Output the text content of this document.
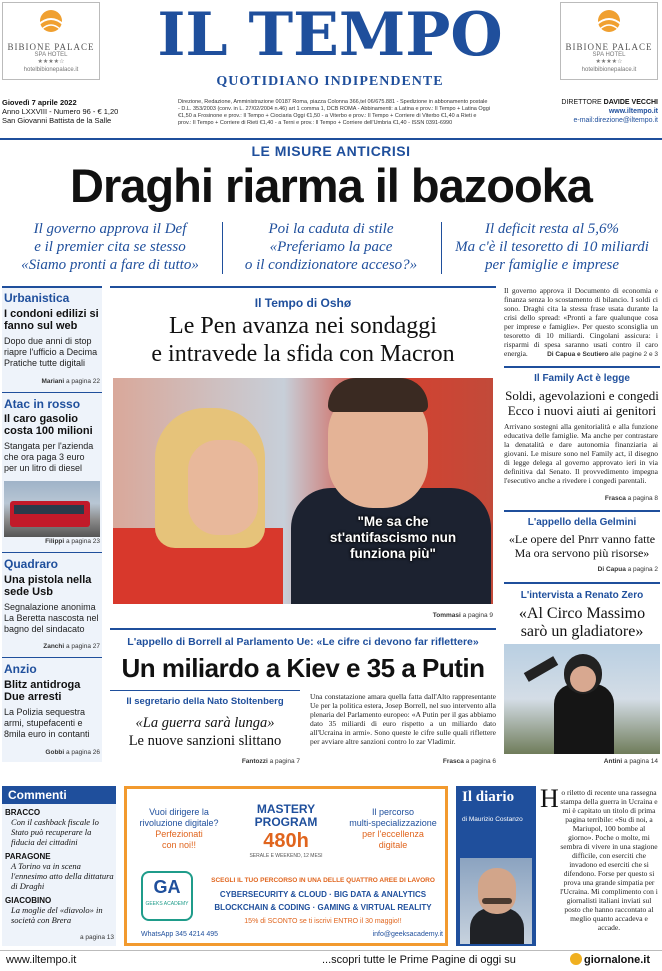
BIBIONE PALACE
SPA HOTEL
★★★★☆
hotelbibionepalace.it
BIBIONE PALACE
SPA HOTEL
★★★★☆
hotelbibionepalace.it
IL TEMPO
QUOTIDIANO INDIPENDENTE
Giovedì 7 aprile 2022
Anno LXXVIII - Numero 96 - € 1,20
San Giovanni Battista de la Salle
Direzione, Redazione, Amministrazione 00187 Roma, piazza Colonna 366,tel 06/675.881 - Spedizione in abbonamento postale - D.L. 353/2003 (conv. in L. 27/02/2004 n.46) art 1 comma 1, DCB ROMA - Abbinamenti: a Latina e prov.: Il Tempo + Latina Oggi €1,50 a Frosinone e prov.: Il Tempo + Ciociaria Oggi €1,50 - a Viterbo e prov.: Il Tempo + Corriere di Viterbo €1,40 a Rieti e prov.: Il Tempo + Corriere di Rieti €1,40 - a Terni e prov.: Il Tempo + Corriere dell'Umbria €1,40 - ISSN 0391-6990
DIRETTORE DAVIDE VECCHI
www.iltempo.it
e-mail:direzione@iltempo.it
LE MISURE ANTICRISI
Draghi riarma il bazooka
Il governo approva il Def
e il premier cita se stesso
«Siamo pronti a fare di tutto»
Poi la caduta di stile
«Preferiamo la pace
o il condizionatore acceso?»
Il deficit resta al 5,6%
Ma c'è il tesoretto di 10 miliardi
per famiglie e imprese
Urbanistica
I condoni edilizi si fanno sul web
Dopo due anni di stop riapre l'ufficio a Decima Pratiche tutte digitali
Mariani a pagina 22
Atac in rosso
Il caro gasolio costa 100 milioni
Stangata per l'azienda che ora paga 3 euro per un litro di diesel
Filippi a pagina 23
Quadraro
Una pistola nella sede Usb
Segnalazione anonima La Beretta nascosta nel bagno del sindacato
Zanchi a pagina 27
Anzio
Blitz antidroga Due arresti
La Polizia sequestra armi, stupefacenti e 8mila euro in contanti
Gobbi a pagina 26
Il Tempo di Oshø
Le Pen avanza nei sondaggi
e intravede la sfida con Macron
"Me sa che
st'antifascismo nun
funziona più"
Tommasi a pagina 9
L'appello di Borrell al Parlamento Ue: «Le cifre ci devono far riflettere»
Un miliardo a Kiev e 35 a Putin
Il segretario della Nato Stoltenberg
«La guerra sarà lunga»
Le nuove sanzioni slittano
Fantozzi a pagina 7
Una constatazione amara quella fatta dall'Alto rappresentante Ue per la politica estera, Josep Borrell, nel suo intervento alla plenaria del Parlamento europeo: «A Putin per il gas abbiamo dato 35 miliardi di euro rispetto a un miliardo dato all'Ucraina in armi». Sono queste le cifre sulle quali riflettere per avviare altre sanzioni contro lo zar Vladimir.
Frasca a pagina 6
Il governo approva il Documento di economia e finanza senza lo scostamento di bilancio. I soldi ci sono. Draghi cita la stessa frase usata durante la crisi dello spread: «Pronti a fare qualunque cosa per imprese e famiglie». Per questo sconsiglia un tesoretto di 10 miliardi. Cingolani assicura: i risparmi di spesa saranno usati contro il caro energia.	Di Capua e Scutiero alle pagine 2 e 3
Il Family Act è legge
Soldi, agevolazioni e congedi
Ecco i nuovi aiuti ai genitori
Arrivano sostegni alla genitorialità e alla funzione educativa delle famiglie. Ma anche per contrastare la denatalità e dare autonomia finanziaria ai giovani. Le misure sono nel Family act, il disegno di legge delega al governo approvato ieri in via definitiva dal Senato. Il provvedimento impegna l'esecutivo anche a rivedere i congedi parentali.
Frasca a pagina 8
L'appello della Gelmini
«Le opere del Pnrr vanno fatte
Ma ora servono più risorse»
Di Capua a pagina 2
L'intervista a Renato Zero
«Al Circo Massimo
sarò un gladiatore»
Antini a pagina 14
Commenti
BRACCO
Con il cashback fiscale lo Stato può recuperare la fiducia dei cittadini
PARAGONE
A Torino va in scena l'ennesimo atto della dittatura di Draghi
GIACOBINO
La moglie del «diavolo» in società con Brera
a pagina 13
Vuoi dirigere la
rivoluzione digitale?
Perfezionati
con noi!!
MASTERY
PROGRAM
480h
SERALE E WEEKEND, 12 MESI
Il percorso
multi-specializzazione
per l'eccellenza
digitale
GA
GEEKS ACADEMY
SCEGLI IL TUO PERCORSO IN UNA DELLE QUATTRO AREE DI LAVORO
CYBERSECURITY & CLOUD · BIG DATA & ANALYTICS
BLOCKCHAIN & CODING · GAMING & VIRTUAL REALITY
15% di SCONTO se ti iscrivi ENTRO il 30 maggio!!
WhatsApp 345 4214 495	info@geeksacademy.it
Il diario
di Maurizio Costanzo
H o riletto di recente una rassegna stampa della guerra in Ucraina e mi è capitato un titolo di prima pagina terribile: «Su di noi, a Mariupol, 100 bombe al giorno». Poche o molte, mi sembra di vivere in una stagione difficile, con eserciti che invadono ed eserciti che si difendono. Forse per questo si prova una grande simpatia per l'Ucraina. Mi complimento con i giornalisti italiani inviati sul posto che hanno raccontato al meglio quanto accadeva e accade.
www.iltempo.it	...scopri tutte le Prime Pagine di oggi su	giornalone.it
